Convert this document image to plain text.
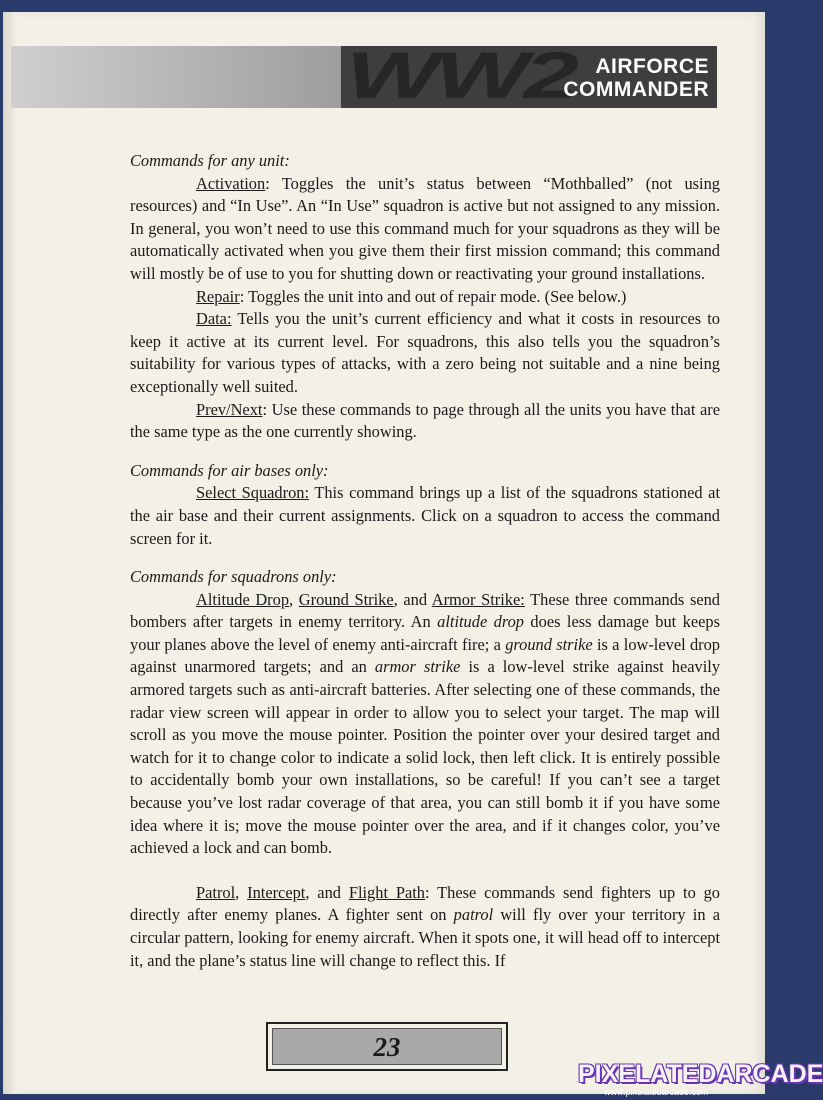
WW2 AIRFORCE
COMMANDER

Commands for any unit:

Activation: Toggles the unit’s status between “Mothballed” (not using resources) and “In Use”. An “In Use” squadron is active but not assigned to any mission. In general, you won’t need to use this command much for your squadrons as they will be automatically activated when you give them their first mission command; this command will mostly be of use to you for shutting down or reactivating your ground installations.

Repair: Toggles the unit into and out of repair mode. (See below.)

Data: Tells you the unit’s current efficiency and what it costs in resources to keep it active at its current level. For squadrons, this also tells you the squadron’s suitability for various types of attacks, with a zero being not suitable and a nine being exceptionally well suited.

Prev/Next: Use these commands to page through all the units you have that are the same type as the one currently showing.

Commands for air bases only:

Select Squadron: This command brings up a list of the squadrons stationed at the air base and their current assignments. Click on a squadron to access the command screen for it.

Commands for squadrons only:

Altitude Drop, Ground Strike, and Armor Strike: These three commands send bombers after targets in enemy territory. An altitude drop does less damage but keeps your planes above the level of enemy anti-aircraft fire; a ground strike is a low-level drop against unarmored targets; and an armor strike is a low-level strike against heavily armored targets such as anti-aircraft batteries. After selecting one of these commands, the radar view screen will appear in order to allow you to select your target. The map will scroll as you move the mouse pointer. Position the pointer over your desired target and watch for it to change color to indicate a solid lock, then left click. It is entirely possible to accidentally bomb your own installations, so be careful! If you can’t see a target because you’ve lost radar coverage of that area, you can still bomb it if you have some idea where it is; move the mouse pointer over the area, and if it changes color, you’ve achieved a lock and can bomb.

Patrol, Intercept, and Flight Path: These commands send fighters up to go directly after enemy planes. A fighter sent on patrol will fly over your territory in a circular pattern, looking for enemy aircraft. When it spots one, it will head off to intercept it, and the plane’s status line will change to reflect this. If

23
PIXELATEDARCADE
www.pixelatedarcade.com
